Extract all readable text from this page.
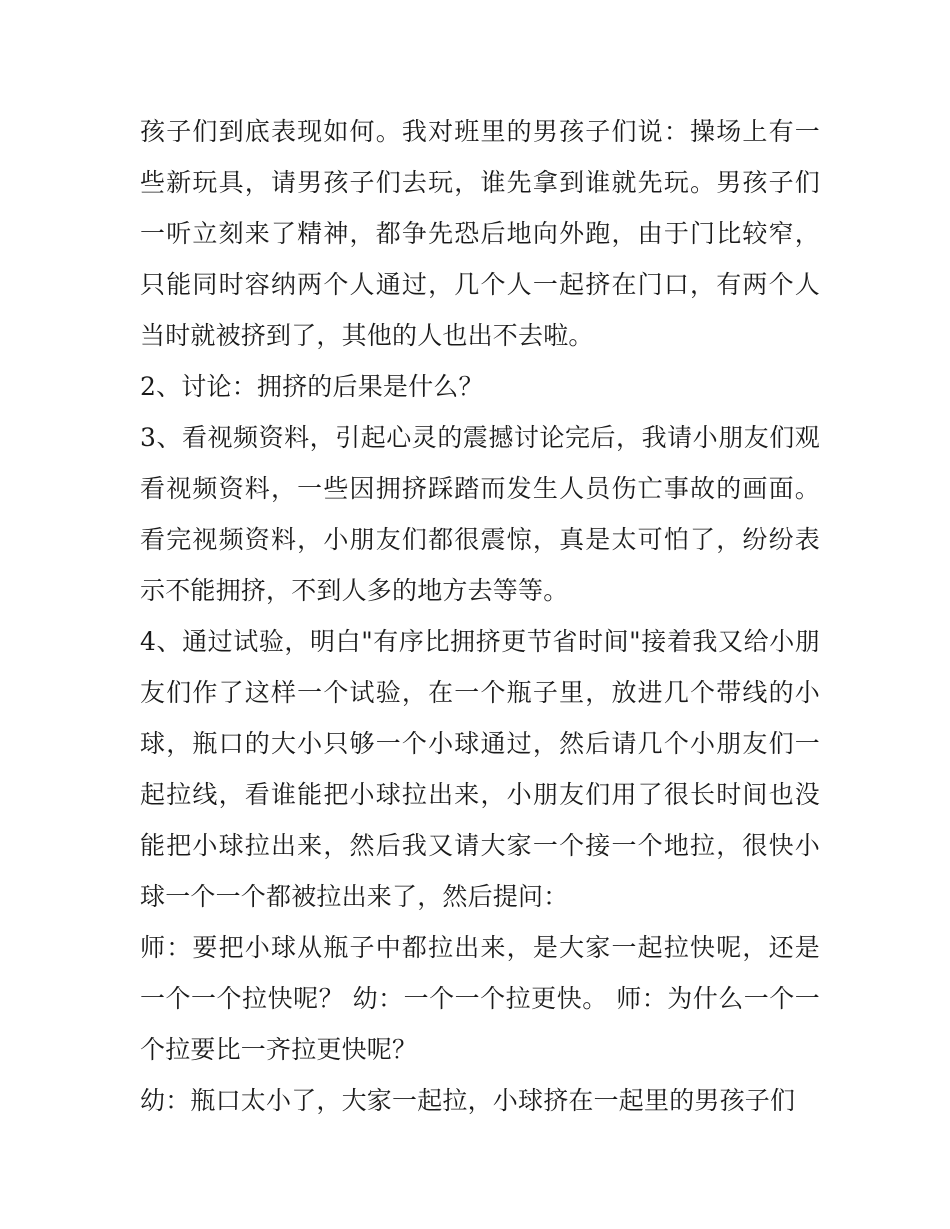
孩子们到底表现如何。我对班里的男孩子们说：操场上有一些新玩具，请男孩子们去玩，谁先拿到谁就先玩。男孩子们一听立刻来了精神，都争先恐后地向外跑，由于门比较窄，只能同时容纳两个人通过，几个人一起挤在门口，有两个人当时就被挤到了，其他的人也出不去啦。

2、讨论：拥挤的后果是什么？

3、看视频资料，引起心灵的震撼讨论完后，我请小朋友们观看视频资料，一些因拥挤踩踏而发生人员伤亡事故的画面。看完视频资料，小朋友们都很震惊，真是太可怕了，纷纷表示不能拥挤，不到人多的地方去等等。

4、通过试验，明白"有序比拥挤更节省时间"接着我又给小朋友们作了这样一个试验，在一个瓶子里，放进几个带线的小球，瓶口的大小只够一个小球通过，然后请几个小朋友们一起拉线，看谁能把小球拉出来，小朋友们用了很长时间也没能把小球拉出来，然后我又请大家一个接一个地拉，很快小球一个一个都被拉出来了，然后提问：

师：要把小球从瓶子中都拉出来，是大家一起拉快呢，还是一个一个拉快呢？ 幼：一个一个拉更快。 师：为什么一个一个拉要比一齐拉更快呢？

幼：瓶口太小了，大家一起拉，小球挤在一起里的男孩子们
